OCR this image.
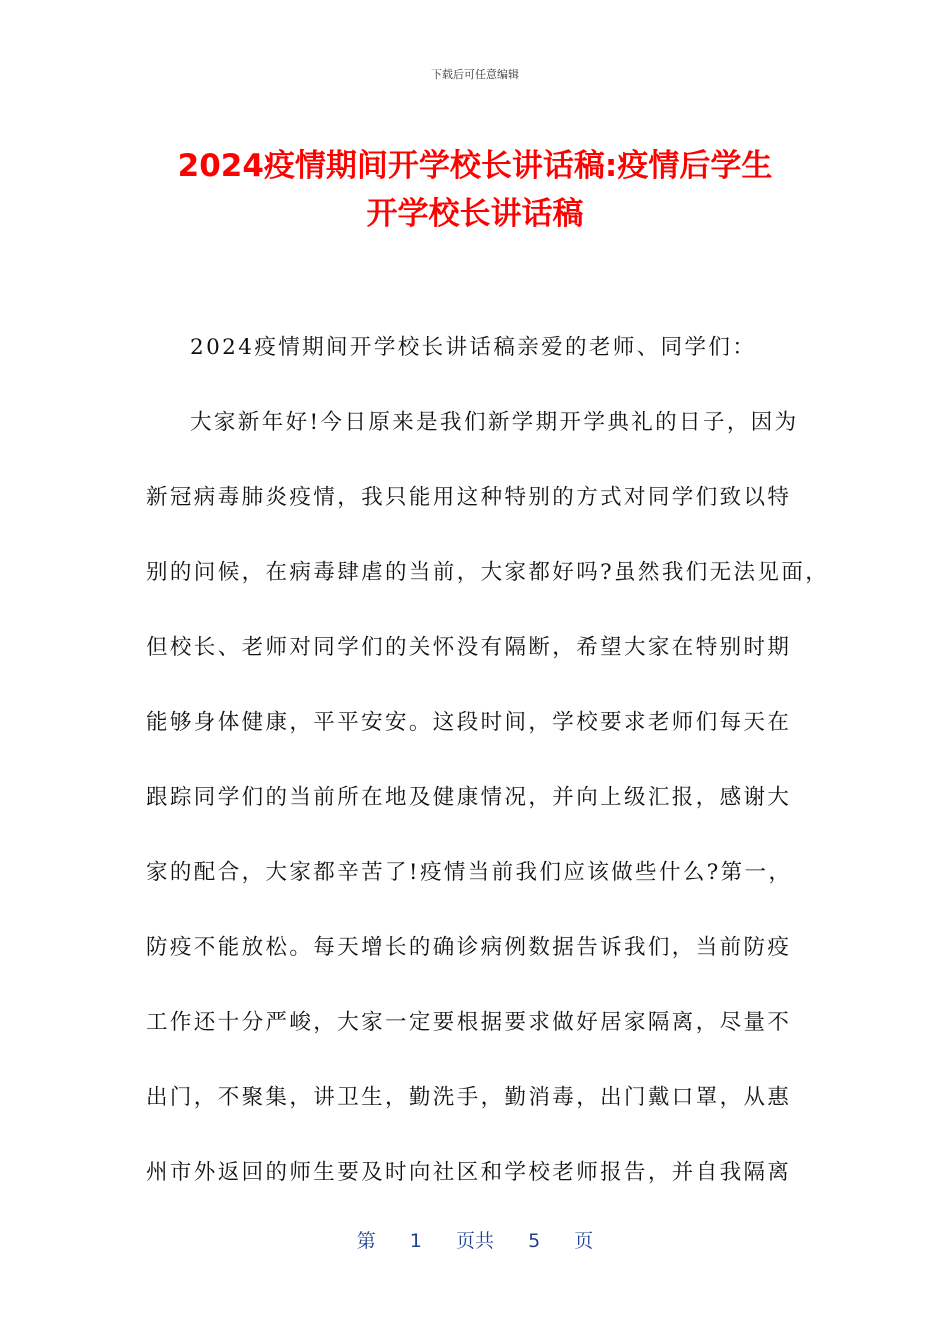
下载后可任意编辑
2024疫情期间开学校长讲话稿:疫情后学生
开学校长讲话稿
2024疫情期间开学校长讲话稿亲爱的老师、同学们：
大家新年好!今日原来是我们新学期开学典礼的日子，因为
新冠病毒肺炎疫情，我只能用这种特别的方式对同学们致以特
别的问候，在病毒肆虐的当前，大家都好吗?虽然我们无法见面，
但校长、老师对同学们的关怀没有隔断，希望大家在特别时期
能够身体健康，平平安安。这段时间，学校要求老师们每天在
跟踪同学们的当前所在地及健康情况，并向上级汇报，感谢大
家的配合，大家都辛苦了!疫情当前我们应该做些什么?第一，
防疫不能放松。每天增长的确诊病例数据告诉我们，当前防疫
工作还十分严峻，大家一定要根据要求做好居家隔离，尽量不
出门，不聚集，讲卫生，勤洗手，勤消毒，出门戴口罩，从惠
州市外返回的师生要及时向社区和学校老师报告，并自我隔离
第 1 页共 5 页
